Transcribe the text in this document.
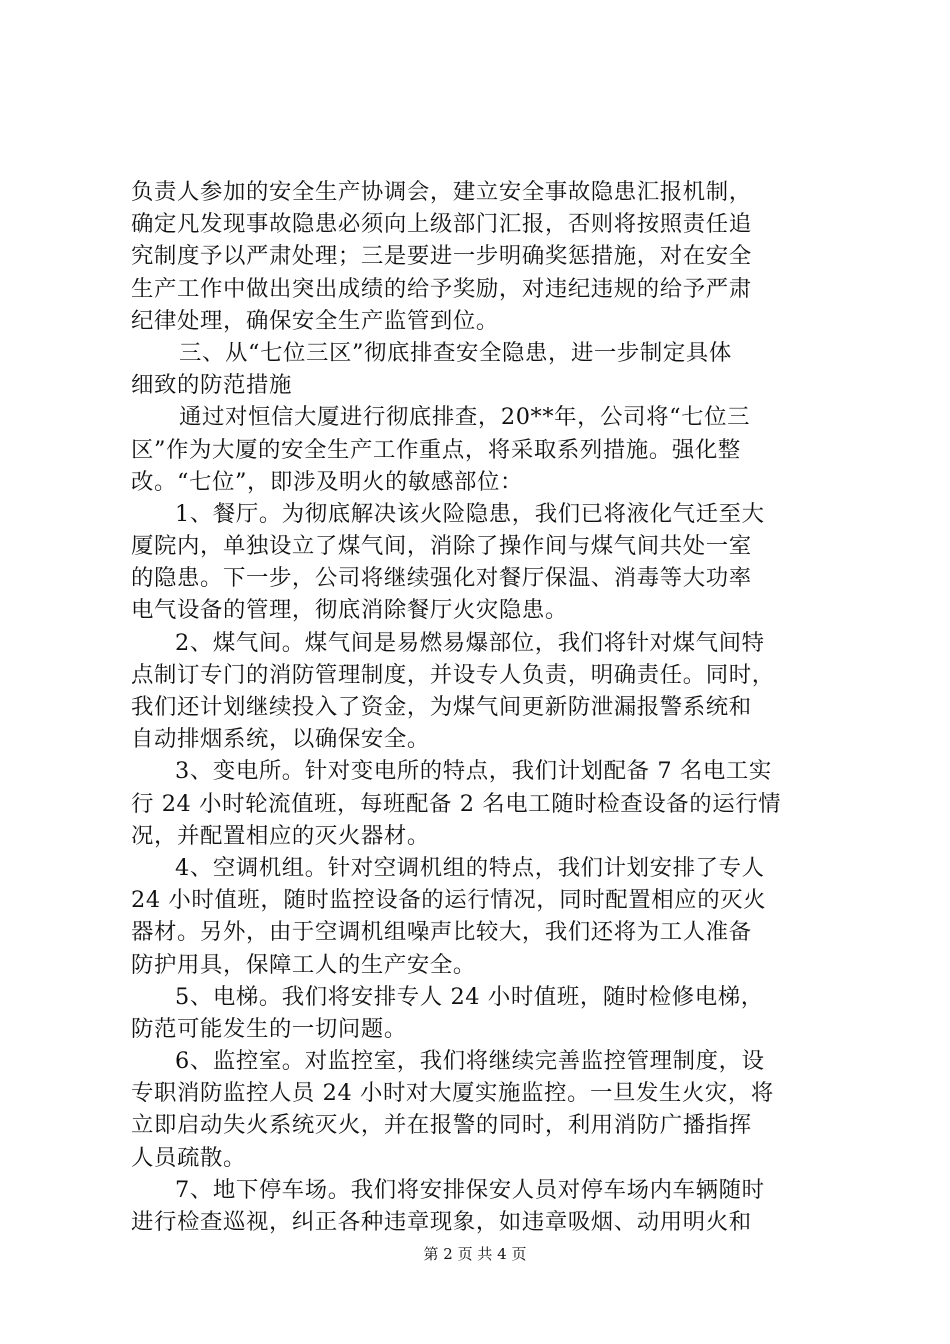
负责人参加的安全生产协调会，建立安全事故隐患汇报机制，
确定凡发现事故隐患必须向上级部门汇报，否则将按照责任追
究制度予以严肃处理；三是要进一步明确奖惩措施，对在安全
生产工作中做出突出成绩的给予奖励，对违纪违规的给予严肃
纪律处理，确保安全生产监管到位。
三、从“七位三区”彻底排查安全隐患，进一步制定具体
细致的防范措施
通过对恒信大厦进行彻底排查，20**年，公司将“七位三
区”作为大厦的安全生产工作重点，将采取系列措施。强化整
改。“七位”，即涉及明火的敏感部位：
1、餐厅。为彻底解决该火险隐患，我们已将液化气迁至大
厦院内，单独设立了煤气间，消除了操作间与煤气间共处一室
的隐患。下一步，公司将继续强化对餐厅保温、消毒等大功率
电气设备的管理，彻底消除餐厅火灾隐患。
2、煤气间。煤气间是易燃易爆部位，我们将针对煤气间特
点制订专门的消防管理制度，并设专人负责，明确责任。同时，
我们还计划继续投入了资金，为煤气间更新防泄漏报警系统和
自动排烟系统，以确保安全。
3、变电所。针对变电所的特点，我们计划配备 7 名电工实
行 24 小时轮流值班，每班配备 2 名电工随时检查设备的运行情
况，并配置相应的灭火器材。
4、空调机组。针对空调机组的特点，我们计划安排了专人
24 小时值班，随时监控设备的运行情况，同时配置相应的灭火
器材。另外，由于空调机组噪声比较大，我们还将为工人准备
防护用具，保障工人的生产安全。
5、电梯。我们将安排专人 24 小时值班，随时检修电梯，
防范可能发生的一切问题。
6、监控室。对监控室，我们将继续完善监控管理制度，设
专职消防监控人员 24 小时对大厦实施监控。一旦发生火灾，将
立即启动失火系统灭火，并在报警的同时，利用消防广播指挥
人员疏散。
7、地下停车场。我们将安排保安人员对停车场内车辆随时
进行检查巡视，纠正各种违章现象，如违章吸烟、动用明火和
第 2 页 共 4 页
